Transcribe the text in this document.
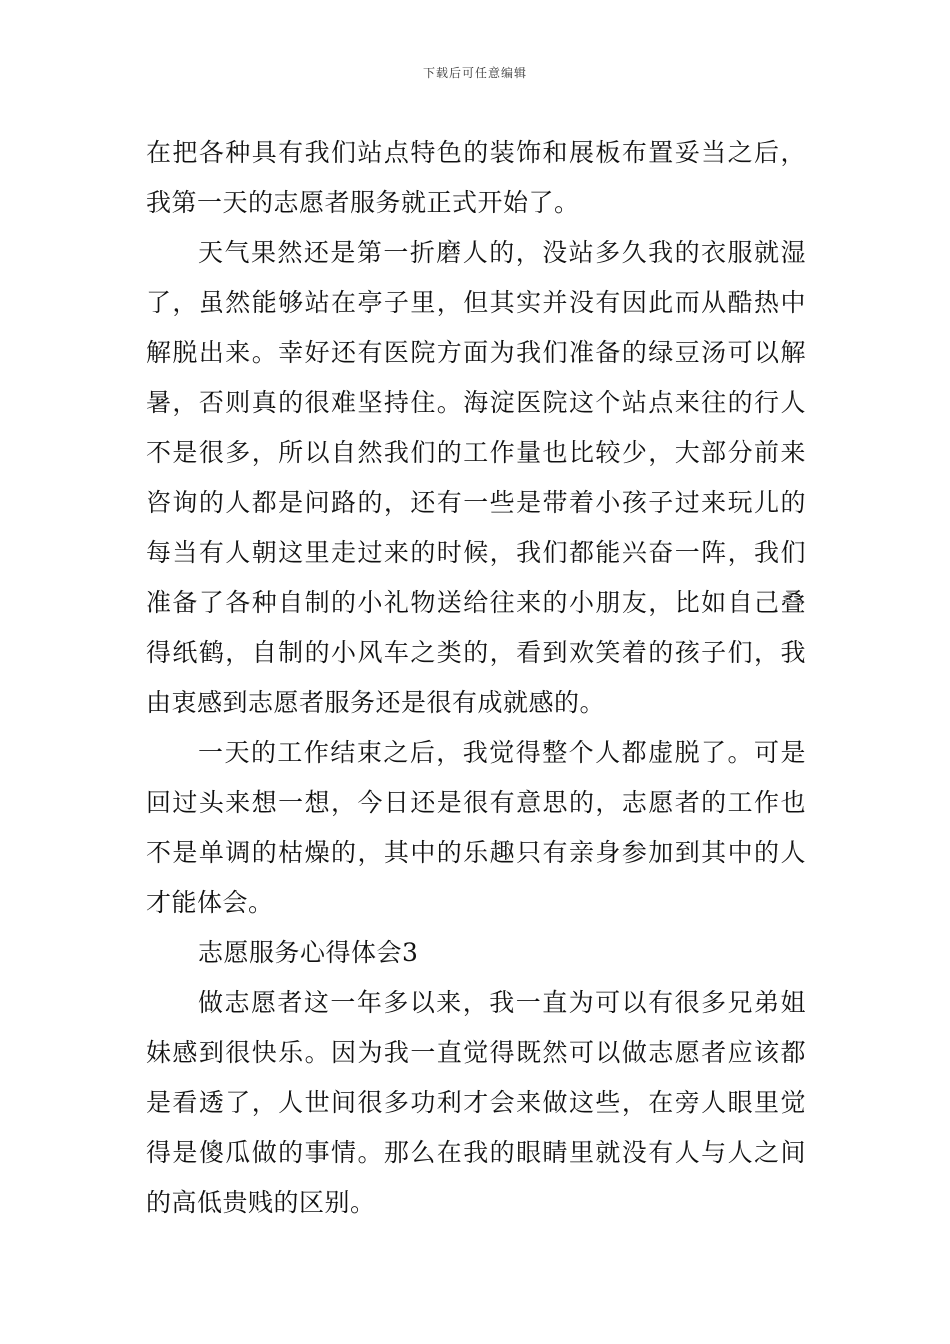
下载后可任意编辑

在把各种具有我们站点特色的装饰和展板布置妥当之后，我第一天的志愿者服务就正式开始了。

天气果然还是第一折磨人的，没站多久我的衣服就湿了，虽然能够站在亭子里，但其实并没有因此而从酷热中解脱出来。幸好还有医院方面为我们准备的绿豆汤可以解暑，否则真的很难坚持住。海淀医院这个站点来往的行人不是很多，所以自然我们的工作量也比较少，大部分前来咨询的人都是问路的，还有一些是带着小孩子过来玩儿的每当有人朝这里走过来的时候，我们都能兴奋一阵，我们准备了各种自制的小礼物送给往来的小朋友，比如自己叠得纸鹤，自制的小风车之类的，看到欢笑着的孩子们，我由衷感到志愿者服务还是很有成就感的。

一天的工作结束之后，我觉得整个人都虚脱了。可是回过头来想一想，今日还是很有意思的，志愿者的工作也不是单调的枯燥的，其中的乐趣只有亲身参加到其中的人才能体会。

志愿服务心得体会3

做志愿者这一年多以来，我一直为可以有很多兄弟姐妹感到很快乐。因为我一直觉得既然可以做志愿者应该都是看透了，人世间很多功利才会来做这些，在旁人眼里觉得是傻瓜做的事情。那么在我的眼睛里就没有人与人之间的高低贵贱的区别。
